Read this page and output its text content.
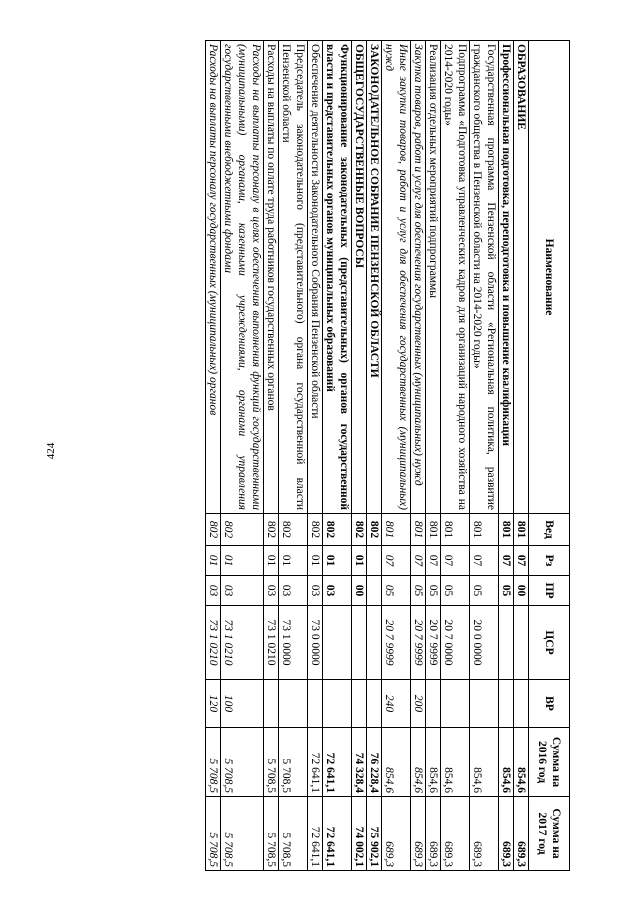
424
Наименование	Вед	Рз	ПР	ЦСР	ВР	Сумма на 2016 год	Сумма на 2017 год
ОБРАЗОВАНИЕ	801	07	00			854,6	689,3
Профессиональная подготовка, переподготовка и повышение квалификации	801	07	05			854,6	689,3
Государственная программа Пензенской области «Региональная политика, развитие гражданского общества в Пензенской области на 2014-2020 годы»	801	07	05	20 0 0000		854,6	689,3
Подпрограмма «Подготовка управленческих кадров для организаций народного хозяйства на 2014-2020 годы»	801	07	05	20 7 0000		854,6	689,3
Реализация отдельных мероприятий подпрограммы	801	07	05	20 7 9999		854,6	689,3
Закупка товаров, работ и услуг для обеспечения государственных (муниципальных) нужд	801	07	05	20 7 9999	200	854,6	689,3
Иные закупки товаров, работ и услуг для обеспечения государственных (муниципальных) нужд	801	07	05	20 7 9999	240	854,6	689,3
ЗАКОНОДАТЕЛЬНОЕ СОБРАНИЕ ПЕНЗЕНСКОЙ ОБЛАСТИ	802					76 228,4	75 902,1
ОБЩЕГОСУДАРСТВЕННЫЕ ВОПРОСЫ	802	01	00			74 328,4	74 002,1
Функционирование законодательных (представительных) органов государственной власти и представительных органов муниципальных образований	802	01	03			72 641,1	72 641,1
Обеспечение деятельности Законодательного Собрания Пензенской области	802	01	03	73 0 0000		72 641,1	72 641,1
Председатель законодательного (представительного) органа государственной власти Пензенской области	802	01	03	73 1 0000		5 708,5	5 708,5
Расходы на выплаты по оплате труда работников государственных органов	802	01	03	73 1 0210		5 708,5	5 708,5
Расходы на выплаты персоналу в целях обеспечения выполнения функций государственными (муниципальными) органами, казенными учреждениями, органами управления государственными внебюджетными фондами	802	01	03	73 1 0210	100	5 708,5	5 708,5
Расходы на выплаты персоналу государственных (муниципальных) органов	802	01	03	73 1 0210	120	5 708,5	5 708,5
